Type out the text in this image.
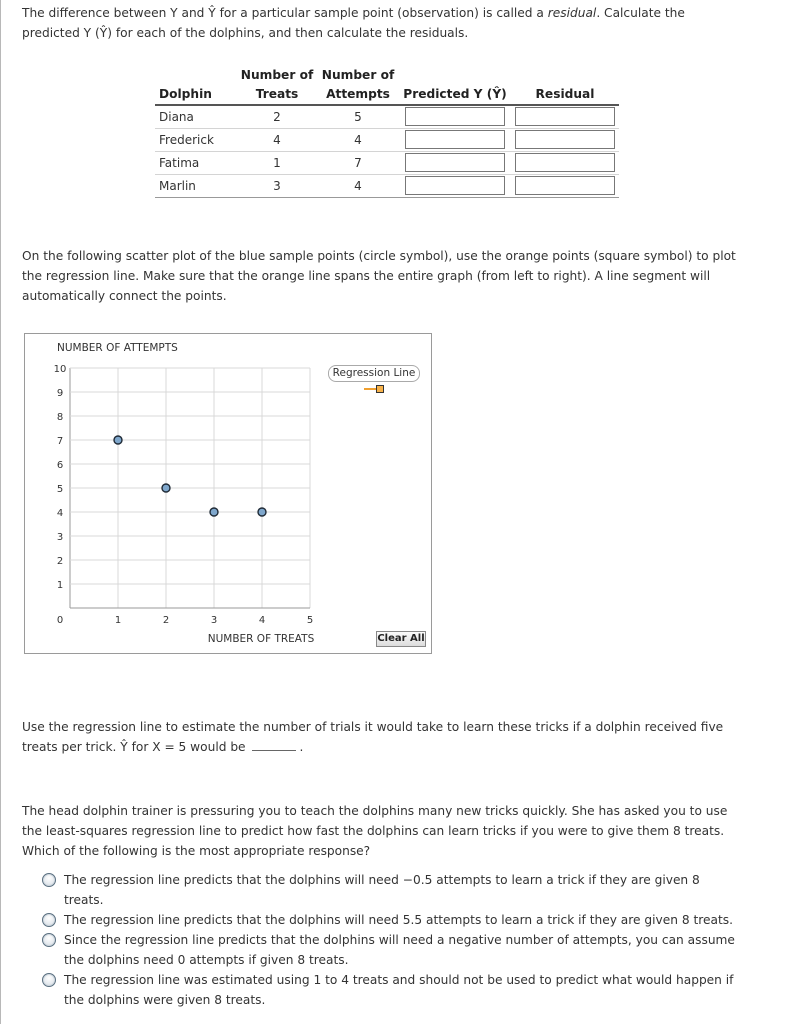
The difference between Y and Ŷ for a particular sample point (observation) is called a residual. Calculate the
predicted Y (Ŷ) for each of the dolphins, and then calculate the residuals.
	Number of	Number of		
Dolphin	Treats	Attempts	Predicted Y (Ŷ)	Residual
Diana	2	5		
Frederick	4	4		
Fatima	1	7		
Marlin	3	4		
On the following scatter plot of the blue sample points (circle symbol), use the orange points (square symbol) to plot
the regression line. Make sure that the orange line spans the entire graph (from left to right). A line segment will
automatically connect the points.
NUMBER OF ATTEMPTS
NUMBER OF TREATS
1
2
3
4
5
6
7
8
9
10
0	1	2	3	4	5
Regression Line
Clear All
Use the regression line to estimate the number of trials it would take to learn these tricks if a dolphin received five
treats per trick. Ŷ for X = 5 would be	.
The head dolphin trainer is pressuring you to teach the dolphins many new tricks quickly. She has asked you to use
the least-squares regression line to predict how fast the dolphins can learn tricks if you were to give them 8 treats.
Which of the following is the most appropriate response?
The regression line predicts that the dolphins will need −0.5 attempts to learn a trick if they are given 8
treats.
The regression line predicts that the dolphins will need 5.5 attempts to learn a trick if they are given 8 treats.
Since the regression line predicts that the dolphins will need a negative number of attempts, you can assume
the dolphins need 0 attempts if given 8 treats.
The regression line was estimated using 1 to 4 treats and should not be used to predict what would happen if
the dolphins were given 8 treats.
